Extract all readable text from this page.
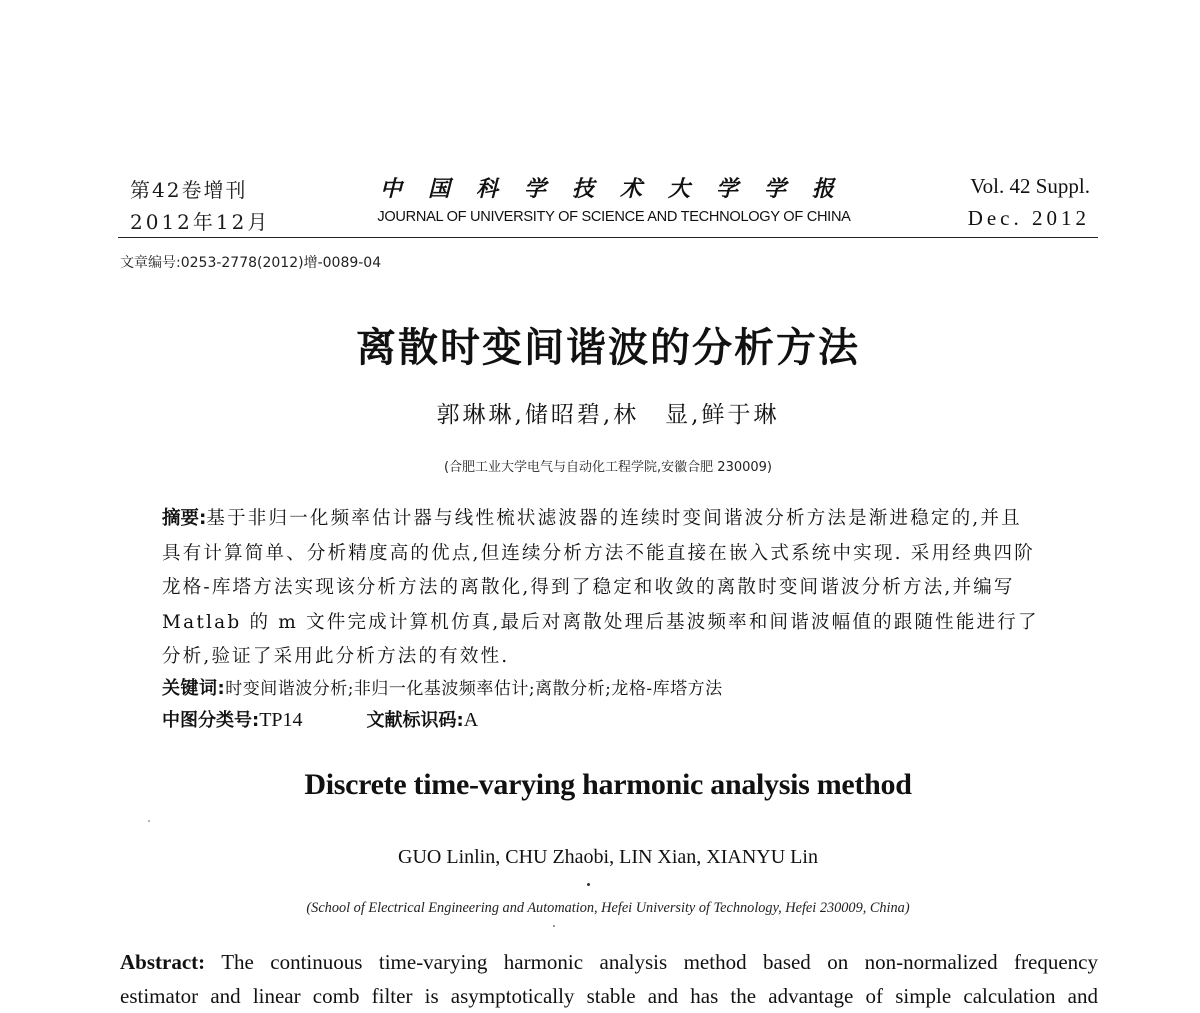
第42卷增刊
2012年12月
中国科学技术大学学报
JOURNAL OF UNIVERSITY OF SCIENCE AND TECHNOLOGY OF CHINA
Vol. 42 Suppl.
Dec. 2012
文章编号:0253-2778(2012)增-0089-04
离散时变间谐波的分析方法
郭琳琳,储昭碧,林　显,鲜于琳
(合肥工业大学电气与自动化工程学院,安徽合肥 230009)
摘要:基于非归一化频率估计器与线性梳状滤波器的连续时变间谐波分析方法是渐进稳定的,并且
具有计算简单、分析精度高的优点,但连续分析方法不能直接在嵌入式系统中实现. 采用经典四阶
龙格-库塔方法实现该分析方法的离散化,得到了稳定和收敛的离散时变间谐波分析方法,并编写
Matlab 的 m 文件完成计算机仿真,最后对离散处理后基波频率和间谐波幅值的跟随性能进行了
分析,验证了采用此分析方法的有效性.
关键词:时变间谐波分析;非归一化基波频率估计;离散分析;龙格-库塔方法
中图分类号:TP14	文献标识码:A
Discrete time-varying harmonic analysis method
GUO Linlin, CHU Zhaobi, LIN Xian, XIANYU Lin
(School of Electrical Engineering and Automation, Hefei University of Technology, Hefei 230009, China)
Abstract: The continuous time-varying harmonic analysis method based on non-normalized frequency
estimator and linear comb filter is asymptotically stable and has the advantage of simple calculation and
